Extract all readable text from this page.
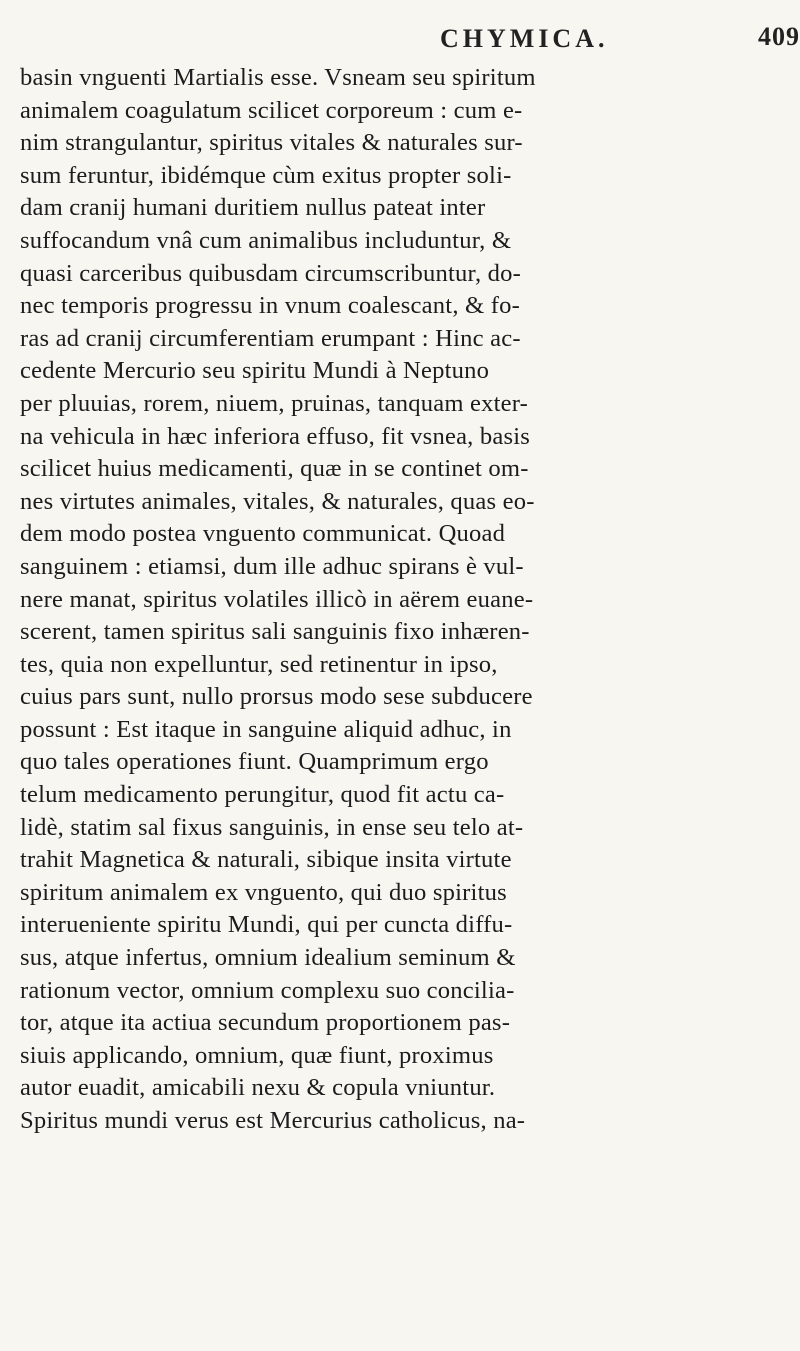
CHYMICA.	409
basin vnguenti Martialis esse. Vsneam seu spiritum
animalem coagulatum scilicet corporeum : cum e-
nim strangulantur, spiritus vitales & naturales sur-
sum feruntur, ibidémque cùm exitus propter soli-
dam cranij humani duritiem nullus pateat inter
suffocandum vnâ cum animalibus includuntur, &
quasi carceribus quibusdam circumscribuntur, do-
nec temporis progressu in vnum coalescant, & fo-
ras ad cranij circumferentiam erumpant : Hinc ac-
cedente Mercurio seu spiritu Mundi à Neptuno
per pluuias, rorem, niuem, pruinas, tanquam exter-
na vehicula in hæc inferiora effuso, fit vsnea, basis
scilicet huius medicamenti, quæ in se continet om-
nes virtutes animales, vitales, & naturales, quas eo-
dem modo postea vnguento communicat. Quoad
sanguinem : etiamsi, dum ille adhuc spirans è vul-
nere manat, spiritus volatiles illicò in aërem euane-
scerent, tamen spiritus sali sanguinis fixo inhæren-
tes, quia non expelluntur, sed retinentur in ipso,
cuius pars sunt, nullo prorsus modo sese subducere
possunt : Est itaque in sanguine aliquid adhuc, in
quo tales operationes fiunt. Quamprimum ergo
telum medicamento perungitur, quod fit actu ca-
lidè, statim sal fixus sanguinis, in ense seu telo at-
trahit Magnetica & naturali, sibique insita virtute
spiritum animalem ex vnguento, qui duo spiritus
interueniente spiritu Mundi, qui per cuncta diffu-
sus, atque infertus, omnium idealium seminum &
rationum vector, omnium complexu suo concilia-
tor, atque ita actiua secundum proportionem pas-
siuis applicando, omnium, quæ fiunt, proximus
autor euadit, amicabili nexu & copula vniuntur.
Spiritus mundi verus est Mercurius catholicus, na-
